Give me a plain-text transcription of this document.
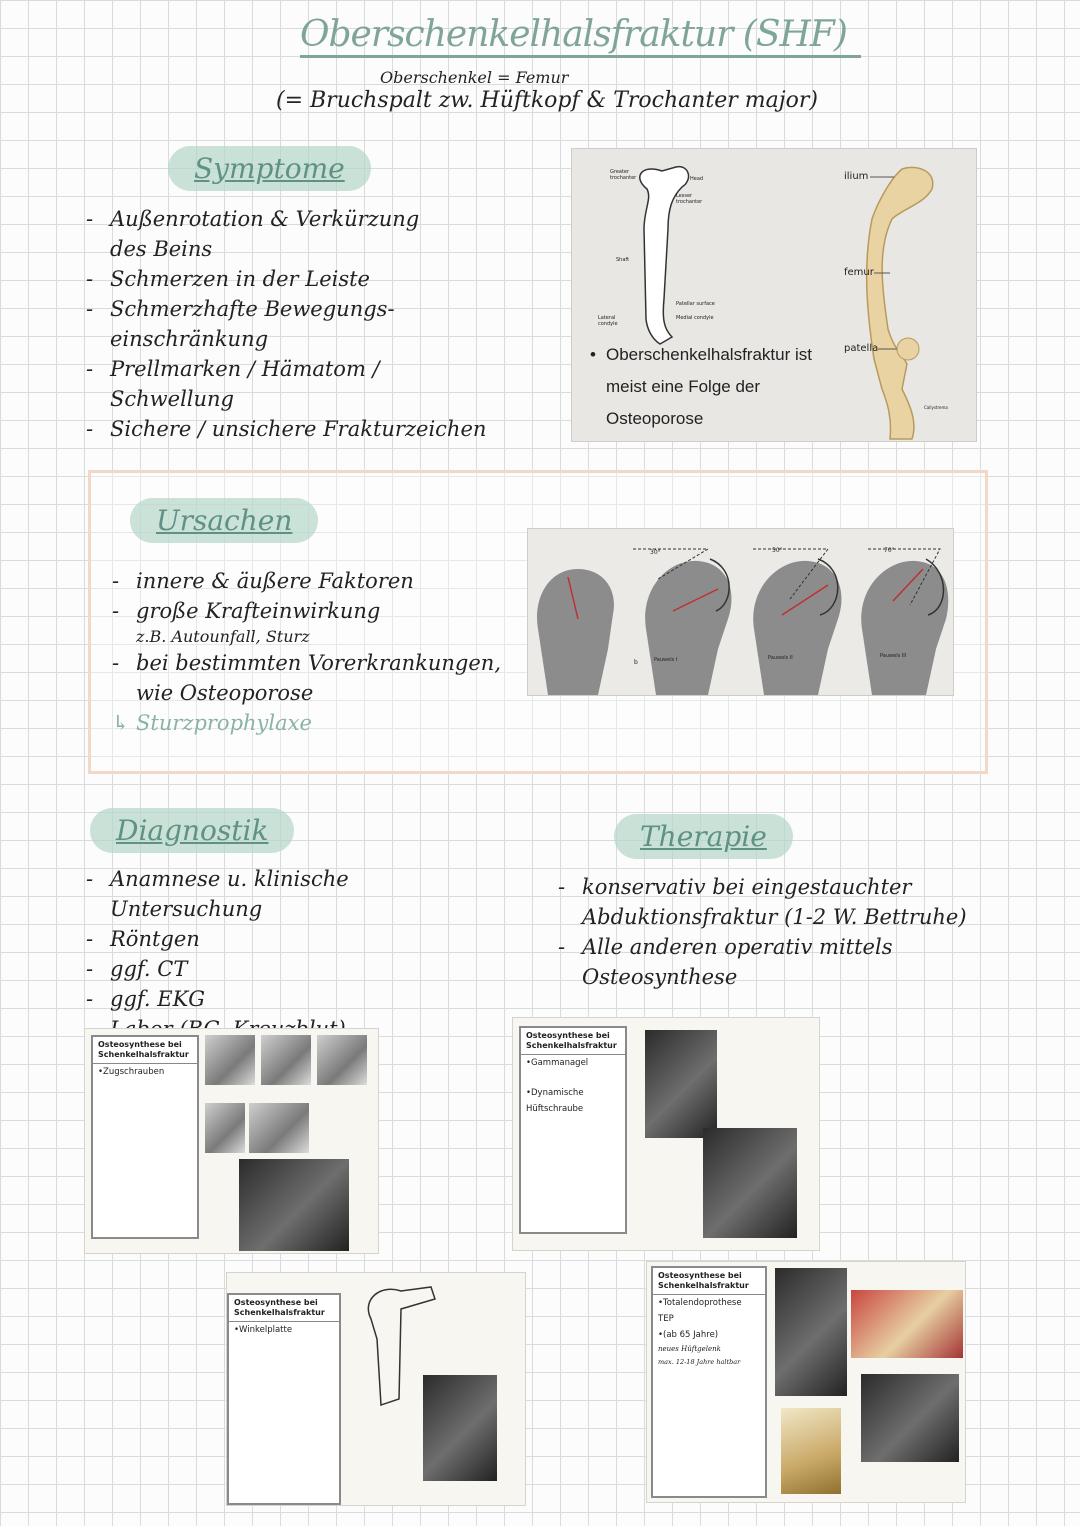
Oberschenkelhalsfraktur (SHF)
Oberschenkel = Femur
(= Bruchspalt zw. Hüftkopf & Trochanter major)
Symptome
- Außenrotation & Verkürzung
des Beins
- Schmerzen in der Leiste
- Schmerzhafte Bewegungs-
einschränkung
- Prellmarken / Hämatom / Schwellung
- Sichere / unsichere Frakturzeichen
Greater trochanter	Head
Lesser trochanter
Shaft
Lateral condyle
Patellar surface
Medial condyle
ilium
femur
patella
Callystrema
• Oberschenkelhalsfraktur ist meist eine Folge der Osteoporose
Ursachen
- innere & äußere Faktoren
- große Krafteinwirkung
z.B. Autounfall, Sturz
- bei bestimmten Vorerkrankungen,
wie Osteoporose
↳ Sturzprophylaxe
30°	50°	70°
b	Pauwels I	Pauwels II	Pauwels III
Diagnostik
- Anamnese u. klinische Untersuchung
- Röntgen
- ggf. CT
- ggf. EKG
-
Therapie
- konservativ bei eingestauchter
Abduktionsfraktur (1-2 W. Bettruhe)
- Alle anderen operativ mittels
Osteosynthese
Osteosynthese bei Schenkelhalsfraktur
•Zugschrauben
Osteosynthese bei Schenkelhalsfraktur
•Gammanagel
•Dynamische
Hüftschraube
Osteosynthese bei Schenkelhalsfraktur
•Winkelplatte
Osteosynthese bei Schenkelhalsfraktur
•Totalendoprothese
TEP
•(ab 65 Jahre)
neues Hüftgelenk
max. 12-18 Jahre haltbar
